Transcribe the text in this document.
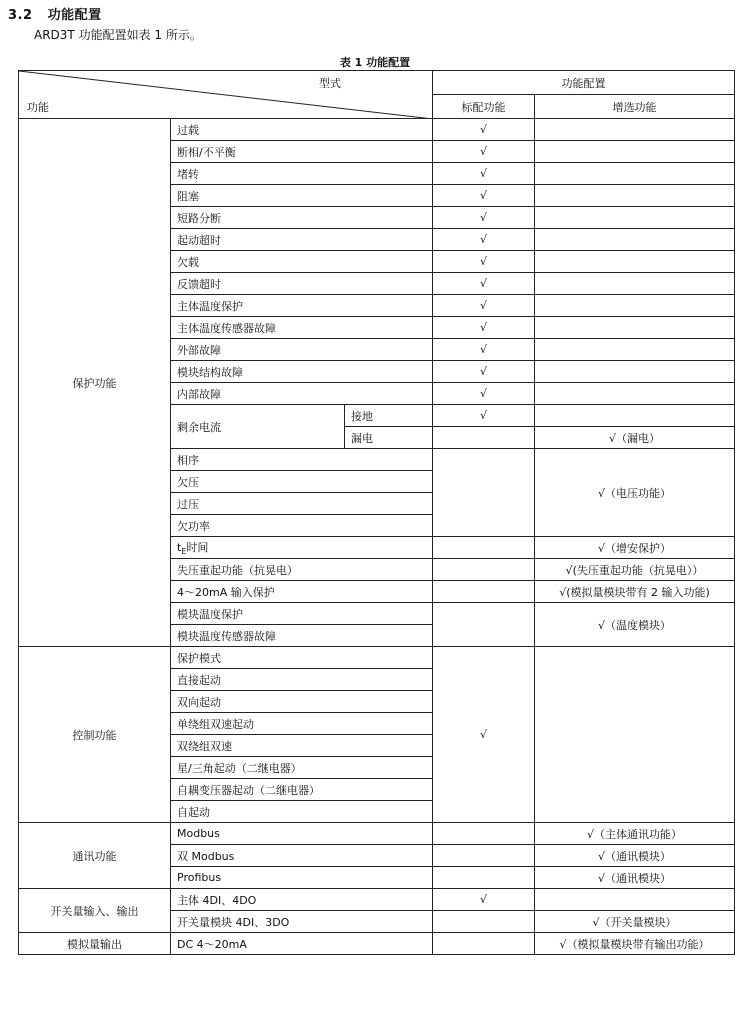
3.2 功能配置
ARD3T 功能配置如表 1 所示。
表 1 功能配置
型式
功能			功能配置	
			标配功能	增选功能
保护功能	过载		√	
	断相/不平衡		√	
	堵转		√	
	阻塞		√	
	短路分断		√	
	起动超时		√	
	欠载		√	
	反馈超时		√	
	主体温度保护		√	
	主体温度传感器故障		√	
	外部故障		√	
	模块结构故障		√	
	内部故障		√	
	剩余电流	接地	√	
		漏电		√（漏电）
	相序			√（电压功能）
	欠压			
	过压			
	欠功率			
	$t_E$时间			√（增安保护）
	失压重起功能（抗晃电）			√(失压重起功能（抗晃电））
	4～20mA 输入保护			√(模拟量模块带有 2 输入功能)
	模块温度保护			√（温度模块）
	模块温度传感器故障			
控制功能	保护模式		√	
	直接起动			
	双向起动			
	单绕组双速起动			
	双绕组双速			
	星/三角起动（二继电器）			
	自耦变压器起动（二继电器）			
	自起动			
通讯功能	Modbus			√（主体通讯功能）
	双 Modbus			√（通讯模块）
	Profibus			√（通讯模块）
开关量输入、输出	主体 4DI、4DO		√	
	开关量模块 4DI、3DO			√（开关量模块）
模拟量输出	DC 4～20mA			√（模拟量模块带有输出功能）
